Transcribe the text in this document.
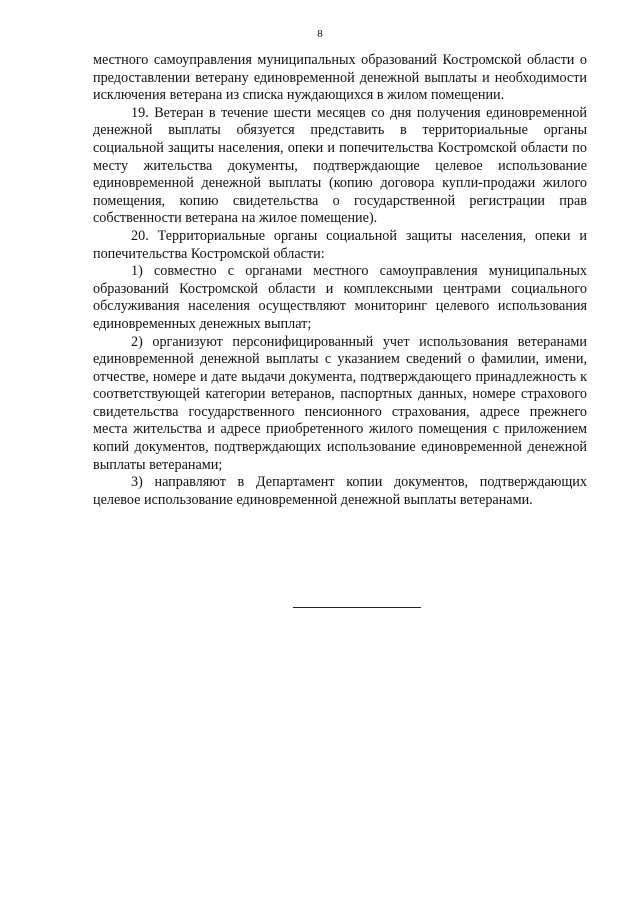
8

местного самоуправления муниципальных образований Костромской области о предоставлении ветерану единовременной денежной выплаты и необходимости исключения ветерана из списка нуждающихся в жилом помещении.

19. Ветеран в течение шести месяцев со дня получения единовременной денежной выплаты обязуется представить в территориальные органы социальной защиты населения, опеки и попечительства Костромской области по месту жительства документы, подтверждающие целевое использование единовременной денежной выплаты (копию договора купли-продажи жилого помещения, копию свидетельства о государственной регистрации прав собственности ветерана на жилое помещение).

20. Территориальные органы социальной защиты населения, опеки и попечительства Костромской области:

1) совместно с органами местного самоуправления муниципальных образований Костромской области и комплексными центрами социального обслуживания населения осуществляют мониторинг целевого использования единовременных денежных выплат;

2) организуют персонифицированный учет использования ветеранами единовременной денежной выплаты с указанием сведений о фамилии, имени, отчестве, номере и дате выдачи документа, подтверждающего принадлежность к соответствующей категории ветеранов, паспортных данных, номере страхового свидетельства государственного пенсионного страхования, адресе прежнего места жительства и адресе приобретенного жилого помещения с приложением копий документов, подтверждающих использование единовременной денежной выплаты ветеранами;

3) направляют в Департамент копии документов, подтверждающих целевое использование единовременной денежной выплаты ветеранами.
